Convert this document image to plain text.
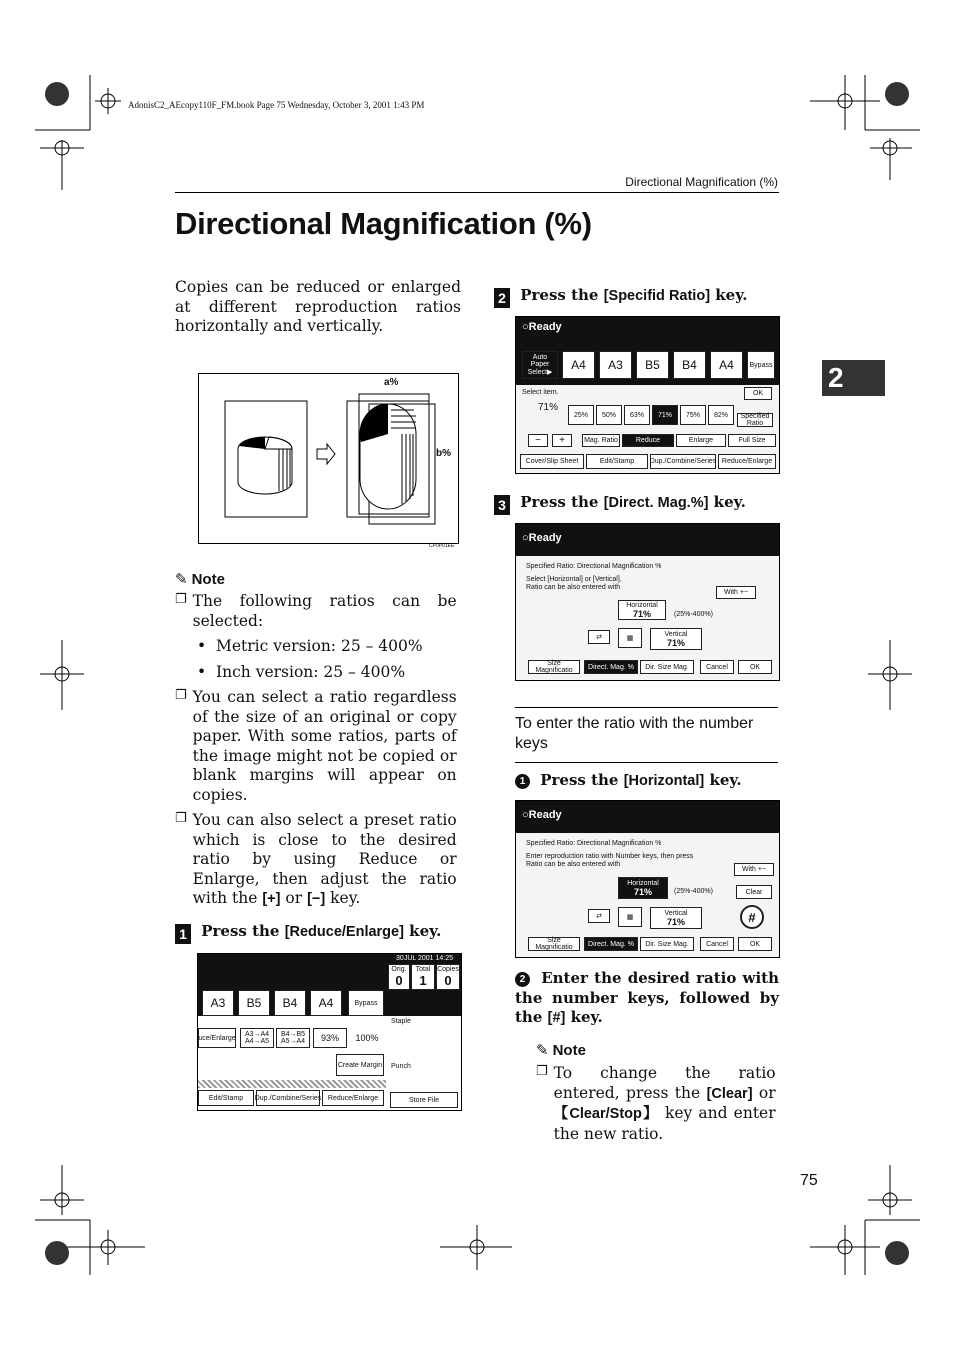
AdonisC2_AEcopy110F_FM.book Page 75 Wednesday, October 3, 2001 1:43 PM
Directional Magnification (%)
Directional Magnification (%)
2

Copies can be reduced or enlarged at different reproduction ratios horizontally and vertically.

a%
b%
CP0P01EE
✎ Note
❐ The following ratios can be selected:

•  Metric version: 25 – 400%

•  Inch version: 25 – 400%

❐ You can select a ratio regardless of the size of an original or copy paper. With some ratios, parts of the image might not be copied or blank margins will appear on copies.

❐ You can also select a preset ratio which is close to the desired ratio by using Reduce or Enlarge, then adjust the ratio with the [+] or [−] key.

1 Press the [Reduce/Enlarge] key.
30JUL 2001 14:25
Orig.
0
Total
1
Copies
0
A3	B5	B4	A4	Bypass
Sort	Stack
uce/Enlarge	A3→A4 A4→A5
B4→B5 A5→A4	93%	100%
Staple
Punch
Create Margin
Edit/Stamp	Dup./Combine/Series Reduce/Enlarge	Store File
2 Press the [Specifid Ratio] key.
○Ready
Auto Paper Select▶
A4	A3	B5	B4	A4	Bypass
Select item.	OK
71%
25%	50%	63%	71%	75%	82%	Specified Ratio
−	+	Mag. Ratio	Reduce	Enlarge	Full Size
Cover/Slip Sheet	Edit/Stamp	Dup./Combine/Series Reduce/Enlarge
3 Press the [Direct. Mag.%] key.
○Ready
Specified Ratio: Directional Magnification %
Select [Horizontal] or [Vertical].
Ratio can be also entered with
With +−
Horizontal
71%	(25%-400%)
⇄	▦
Vertical
71%
Size Magnificatio	Direct. Mag. %	Dir. Size Mag.	Cancel	OK
To enter the ratio with the number keys
1 Press the [Horizontal] key.
○Ready
Specified Ratio: Directional Magnification %
Enter reproduction ratio with Number keys, then press
Ratio can be also entered with
With +−
Horizontal
71%	(25%-400%)	Clear
⇄	▦
Vertical
71%	#
Size Magnificatio	Direct. Mag. %	Dir. Size Mag.	Cancel	OK
2 Enter the desired ratio with the number keys, followed by the [#] key.
✎ Note
❐ To change the ratio entered, press the [Clear] or 【Clear/Stop】 key and enter the new ratio.

75
